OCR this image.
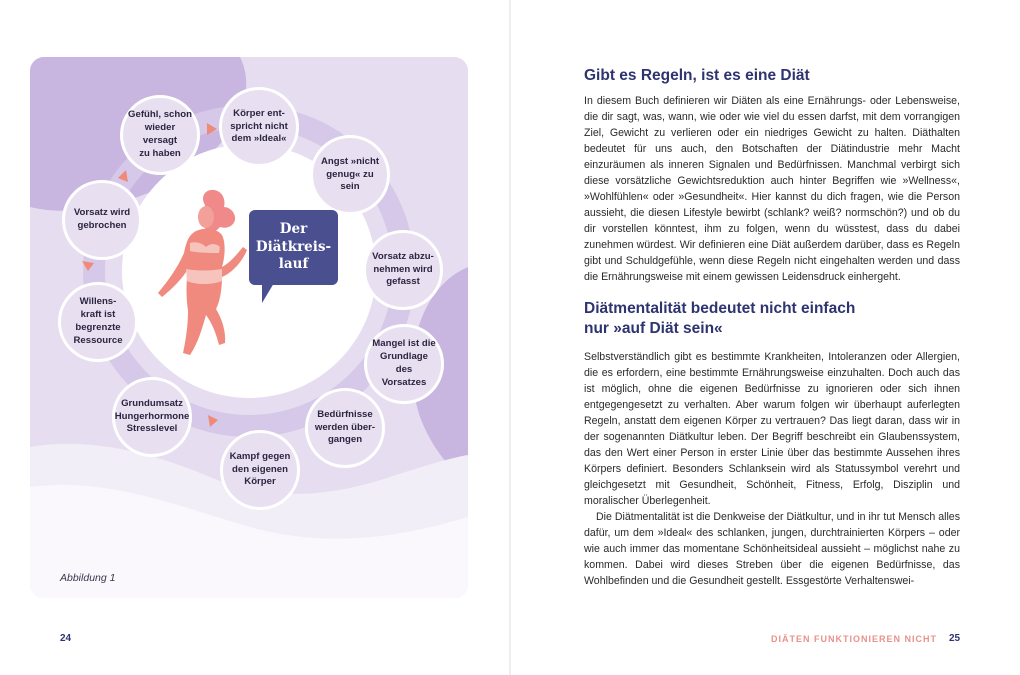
Körper ent-
spricht nicht
dem »Ideal«
Angst »nicht
genug« zu sein
Vorsatz abzu-
nehmen wird
gefasst
Mangel ist die
Grundlage des
Vorsatzes
Bedürfnisse
werden über-
gangen
Kampf gegen
den eigenen
Körper
Grundumsatz
Hungerhormone
Stresslevel
Willens-
kraft ist
begrenzte
Ressource
Vorsatz wird
gebrochen
Gefühl, schon
wieder versagt
zu haben
Der
Diätkreis-
lauf
Abbildung 1
24
Gibt es Regeln, ist es eine Diät

In diesem Buch definieren wir Diäten als eine Ernährungs- oder Lebensweise, die dir sagt, was, wann, wie oder wie viel du essen darfst, mit dem vorrangigen Ziel, Gewicht zu verlieren oder ein niedriges Gewicht zu halten. Diäthalten bedeutet für uns auch, den Botschaften der Diätindustrie mehr Macht einzuräumen als inneren Signalen und Bedürfnissen. Manchmal verbirgt sich diese vorsätzliche Gewichtsreduktion auch hinter Begriffen wie »Wellness«, »Wohlfühlen« oder »Gesundheit«. Hier kannst du dich fragen, wie die Person aussieht, die diesen Lifestyle bewirbt (schlank? weiß? normschön?) und ob du dir vorstellen könntest, ihm zu folgen, wenn du wüsstest, dass du dabei zunehmen würdest. Wir definieren eine Diät außerdem darüber, dass es Regeln gibt und Schuldgefühle, wenn diese Regeln nicht eingehalten werden und dass die Ernährungsweise mit einem gewissen Leidensdruck einhergeht.

Diätmentalität bedeutet nicht einfach nur »auf Diät sein«

Selbstverständlich gibt es bestimmte Krankheiten, Intoleranzen oder Allergien, die es erfordern, eine bestimmte Ernährungsweise einzuhalten. Doch auch das ist möglich, ohne die eigenen Bedürfnisse zu ignorieren oder sich ihnen entgegengesetzt zu verhalten. Aber warum folgen wir überhaupt auferlegten Regeln, anstatt dem eigenen Körper zu vertrauen? Das liegt daran, dass wir in der sogenannten Diätkultur leben. Der Begriff beschreibt ein Glaubenssystem, das den Wert einer Person in erster Linie über das bestimmte Aussehen ihres Körpers definiert. Besonders Schlanksein wird als Statussymbol verehrt und gleichgesetzt mit Gesundheit, Schönheit, Fitness, Erfolg, Disziplin und moralischer Überlegenheit.

Die Diätmentalität ist die Denkweise der Diätkultur, und in ihr tut Mensch alles dafür, um dem »Ideal« des schlanken, jungen, durchtrainierten Körpers – oder wie auch immer das momentane Schönheitsideal aussieht – möglichst nahe zu kommen. Dabei wird dieses Streben über die eigenen Bedürfnisse, das Wohlbefinden und die Gesundheit gestellt. Essgestörte Verhaltenswei-

DIÄTEN FUNKTIONIEREN NICHT 25
